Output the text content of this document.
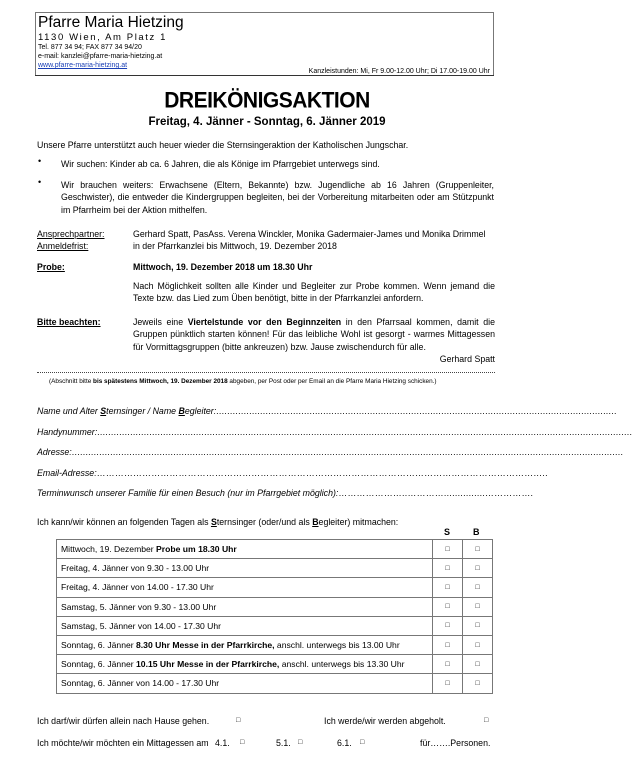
Pfarre Maria Hietzing
1130 Wien, Am Platz 1
Tel. 877 34 94; FAX 877 34 94/20
e-mail: kanzlei@pfarre-maria-hietzing.at
www.pfarre-maria-hietzing.at
Kanzleistunden: Mi, Fr 9.00-12.00 Uhr; Di 17.00-19.00 Uhr
DREIKÖNIGSAKTION
Freitag, 4. Jänner - Sonntag, 6. Jänner 2019
Unsere Pfarre unterstützt auch heuer wieder die Sternsingeraktion der Katholischen Jungschar.
• Wir suchen: Kinder ab ca. 6 Jahren, die als Könige im Pfarrgebiet unterwegs sind.
• Wir brauchen weiters: Erwachsene (Eltern, Bekannte) bzw. Jugendliche ab 16 Jahren (Gruppenleiter, Geschwister), die entweder die Kindergruppen begleiten, bei der Vorbereitung mitarbeiten oder am Stützpunkt im Pfarrheim bei der Aktion mithelfen.
Ansprechpartner:	Gerhard Spatt, PasAss. Verena Winckler, Monika Gadermaier-James und Monika Drimmel
Anmeldefrist:	in der Pfarrkanzlei bis Mittwoch, 19. Dezember 2018
Probe:	Mittwoch, 19. Dezember 2018 um 18.30 Uhr
Nach Möglichkeit sollten alle Kinder und Begleiter zur Probe kommen. Wenn jemand die Texte bzw. das Lied zum Üben benötigt, bitte in der Pfarrkanzlei anfordern.
Bitte beachten:	Jeweils eine Viertelstunde vor den Beginnzeiten in den Pfarrsaal kommen, damit die Gruppen pünktlich starten können! Für das leibliche Wohl ist gesorgt - warmes Mittagessen für Vormittagsgruppen (bitte ankreuzen) bzw. Jause zwischendurch für alle.
Gerhard Spatt
(Abschnitt bitte bis spätestens Mittwoch, 19. Dezember 2018 abgeben, per Post oder per Email an die Pfarre Maria Hietzing schicken.)
Name und Alter Sternsinger / Name Begleiter:..................................................................................................................................................
Handynummer:...................................................................................................................................................................................................
Adresse:.........................................................................................................................................................................................................
Email-Adresse:…………………………………………………………………………………………………………………………………..
Terminwunsch unserer Familie für einen Besuch (nur im Pfarrgebiet möglich):…………………..…………...............…………….
Ich kann/wir können an folgenden Tagen als Sternsinger (oder/und als Begleiter) mitmachen:
S	B
Mittwoch, 19. Dezember Probe um 18.30 Uhr	□	□
Freitag, 4. Jänner von 9.30 - 13.00 Uhr	□	□
Freitag, 4. Jänner von 14.00 - 17.30 Uhr	□	□
Samstag, 5. Jänner von 9.30 - 13.00 Uhr	□	□
Samstag, 5. Jänner von 14.00 - 17.30 Uhr	□	□
Sonntag, 6. Jänner 8.30 Uhr Messe in der Pfarrkirche, anschl. unterwegs bis 13.00 Uhr	□	□
Sonntag, 6. Jänner 10.15 Uhr Messe in der Pfarrkirche, anschl. unterwegs bis 13.30 Uhr	□	□
Sonntag, 6. Jänner von 14.00 - 17.30 Uhr	□	□
Ich darf/wir dürfen allein nach Hause gehen.	□	Ich werde/wir werden abgeholt.	□
Ich möchte/wir möchten ein Mittagessen am 4.1. □	5.1. □	6.1. □	für…….Personen.
